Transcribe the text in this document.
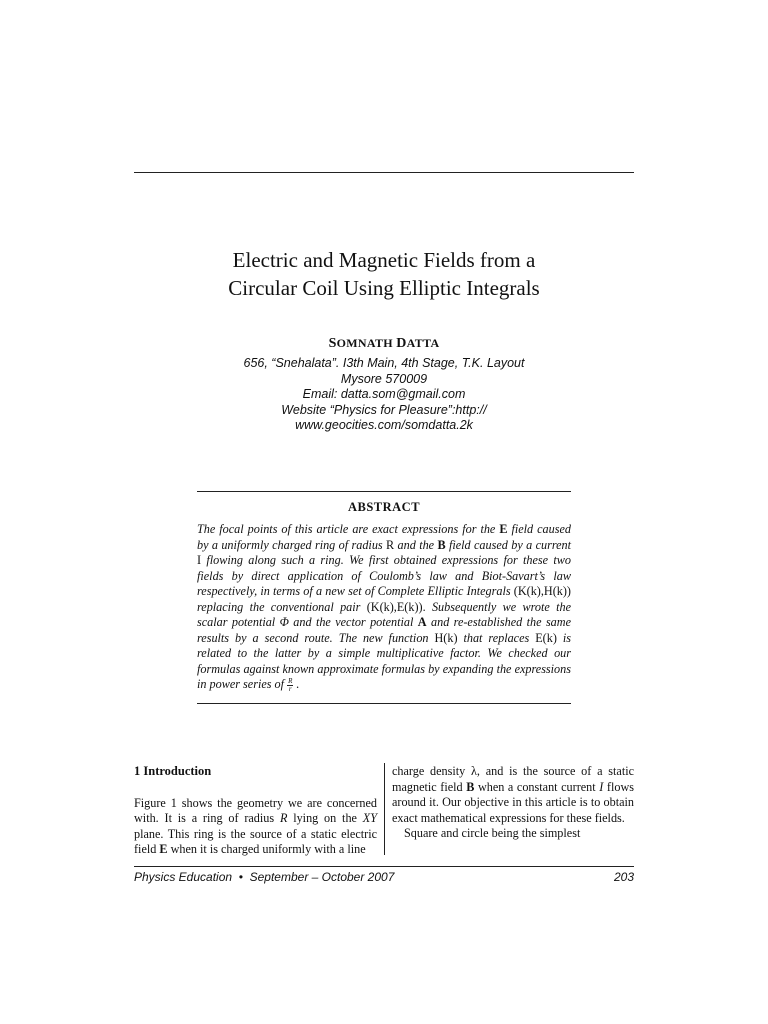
Electric and Magnetic Fields from a
Circular Coil Using Elliptic Integrals
SOMNATH DATTA
656, “Snehalata”. I3th Main, 4th Stage, T.K. Layout
Mysore 570009
Email: datta.som@gmail.com
Website “Physics for Pleasure”:http://
www.geocities.com/somdatta.2k
ABSTRACT
The focal points of this article are exact expressions for the E field caused by a uniformly charged ring of radius R and the B field caused by a current I flowing along such a ring. We first obtained expressions for these two fields by direct application of Coulomb’s law and Biot-Savart’s law respectively, in terms of a new set of Complete Elliptic Integrals (K(k),H(k)) replacing the conventional pair (K(k),E(k)). Subsequently we wrote the scalar potential Φ and the vector potential A and re-established the same results by a second route. The new function H(k) that replaces E(k) is related to the latter by a simple multiplicative factor. We checked our formulas against known approximate formulas by expanding the expressions in power series of $\frac{R}{r}$ .

1 Introduction

Figure 1 shows the geometry we are concerned with. It is a ring of radius R lying on the XY plane. This ring is the source of a static electric field E when it is charged uniformly with a line

charge density λ, and is the source of a static magnetic field B when a constant current I flows around it. Our objective in this article is to obtain exact mathematical expressions for these fields.

Square and circle being the simplest

Physics Education • September – October 2007	203
